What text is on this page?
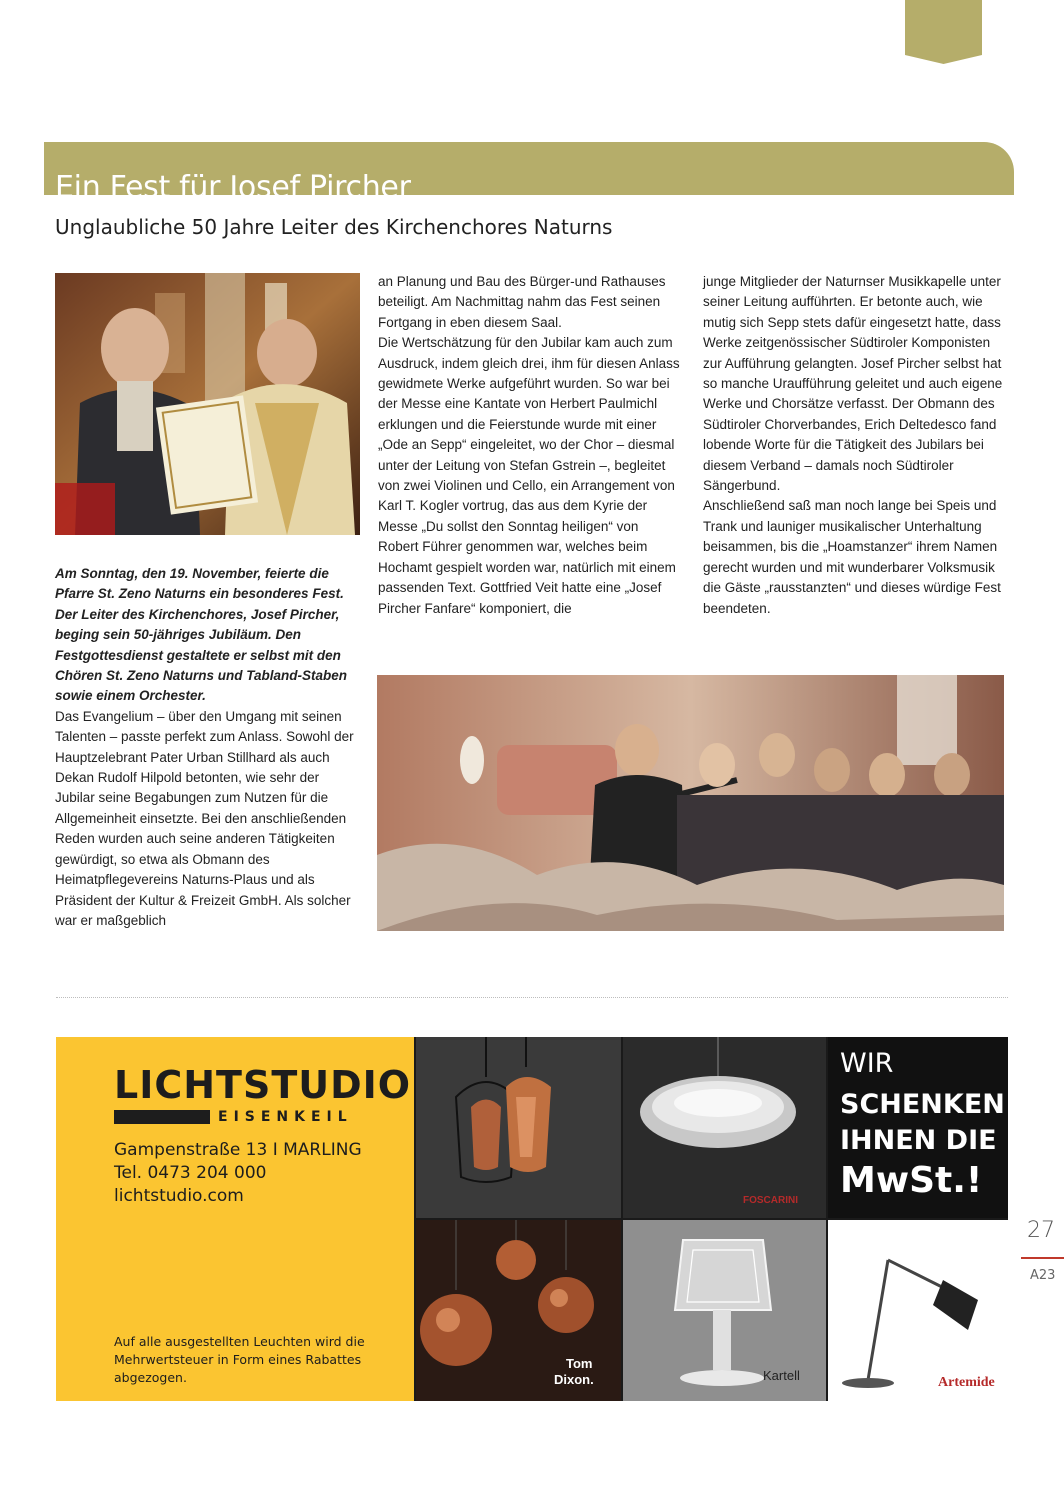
Ein Fest für Josef Pircher
Unglaubliche 50 Jahre Leiter des Kirchenchores Naturns

Am Sonntag, den 19. November, feierte die Pfarre St. Zeno Naturns ein besonderes Fest. Der Leiter des Kirchenchores, Josef Pircher, beging sein 50-jähriges Jubiläum. Den Festgottesdienst gestaltete er selbst mit den Chören St. Zeno Naturns und Tabland-Staben sowie einem Orchester.

Das Evangelium – über den Umgang mit seinen Talenten – passte perfekt zum Anlass. Sowohl der Hauptzelebrant Pater Urban Stillhard als auch Dekan Rudolf Hilpold betonten, wie sehr der Jubilar seine Begabungen zum Nutzen für die Allgemeinheit einsetzte. Bei den anschließenden Reden wurden auch seine anderen Tätigkeiten gewürdigt, so etwa als Obmann des Heimatpflegevereins Naturns-Plaus und als Präsident der Kultur & Freizeit GmbH. Als solcher war er maßgeblich

an Planung und Bau des Bürger-und Rathauses beteiligt. Am Nachmittag nahm das Fest seinen Fortgang in eben diesem Saal.

Die Wertschätzung für den Jubilar kam auch zum Ausdruck, indem gleich drei, ihm für diesen Anlass gewidmete Werke aufgeführt wurden. So war bei der Messe eine Kantate von Herbert Paulmichl erklungen und die Feierstunde wurde mit einer „Ode an Sepp“ eingeleitet, wo der Chor – diesmal unter der Leitung von Stefan Gstrein –, begleitet von zwei Violinen und Cello, ein Arrangement von Karl T. Kogler vortrug, das aus dem Kyrie der Messe „Du sollst den Sonntag heiligen“ von Robert Führer genommen war, welches beim Hochamt gespielt worden war, natürlich mit einem passenden Text. Gottfried Veit hatte eine „Josef Pircher Fanfare“ komponiert, die

junge Mitglieder der Naturnser Musikkapelle unter seiner Leitung aufführten. Er betonte auch, wie mutig sich Sepp stets dafür eingesetzt hatte, dass Werke zeitgenössischer Südtiroler Komponisten zur Aufführung gelangten. Josef Pircher selbst hat so manche Uraufführung geleitet und auch eigene Werke und Chorsätze verfasst. Der Obmann des Südtiroler Chorverbandes, Erich Deltedesco fand lobende Worte für die Tätigkeit des Jubilars bei diesem Verband – damals noch Südtiroler Sängerbund.

Anschließend saß man noch lange bei Speis und Trank und launiger musikalischer Unterhaltung beisammen, bis die „Hoamstanzer“ ihrem Namen gerecht wurden und mit wunderbarer Volksmusik die Gäste „rausstanzten“ und dieses würdige Fest beendeten.

LICHTSTUDIO
EISENKEIL
Gampenstraße 13 I MARLING
Tel. 0473 204 000
lichtstudio.com
Auf alle ausgestellten Leuchten wird die Mehrwertsteuer in Form eines Rabattes abgezogen.
FOSCARINI
Tom
Dixon.	Kartell
WIR
SCHENKEN
IHNEN DIE
MwSt.!
Artemide
27
A23
